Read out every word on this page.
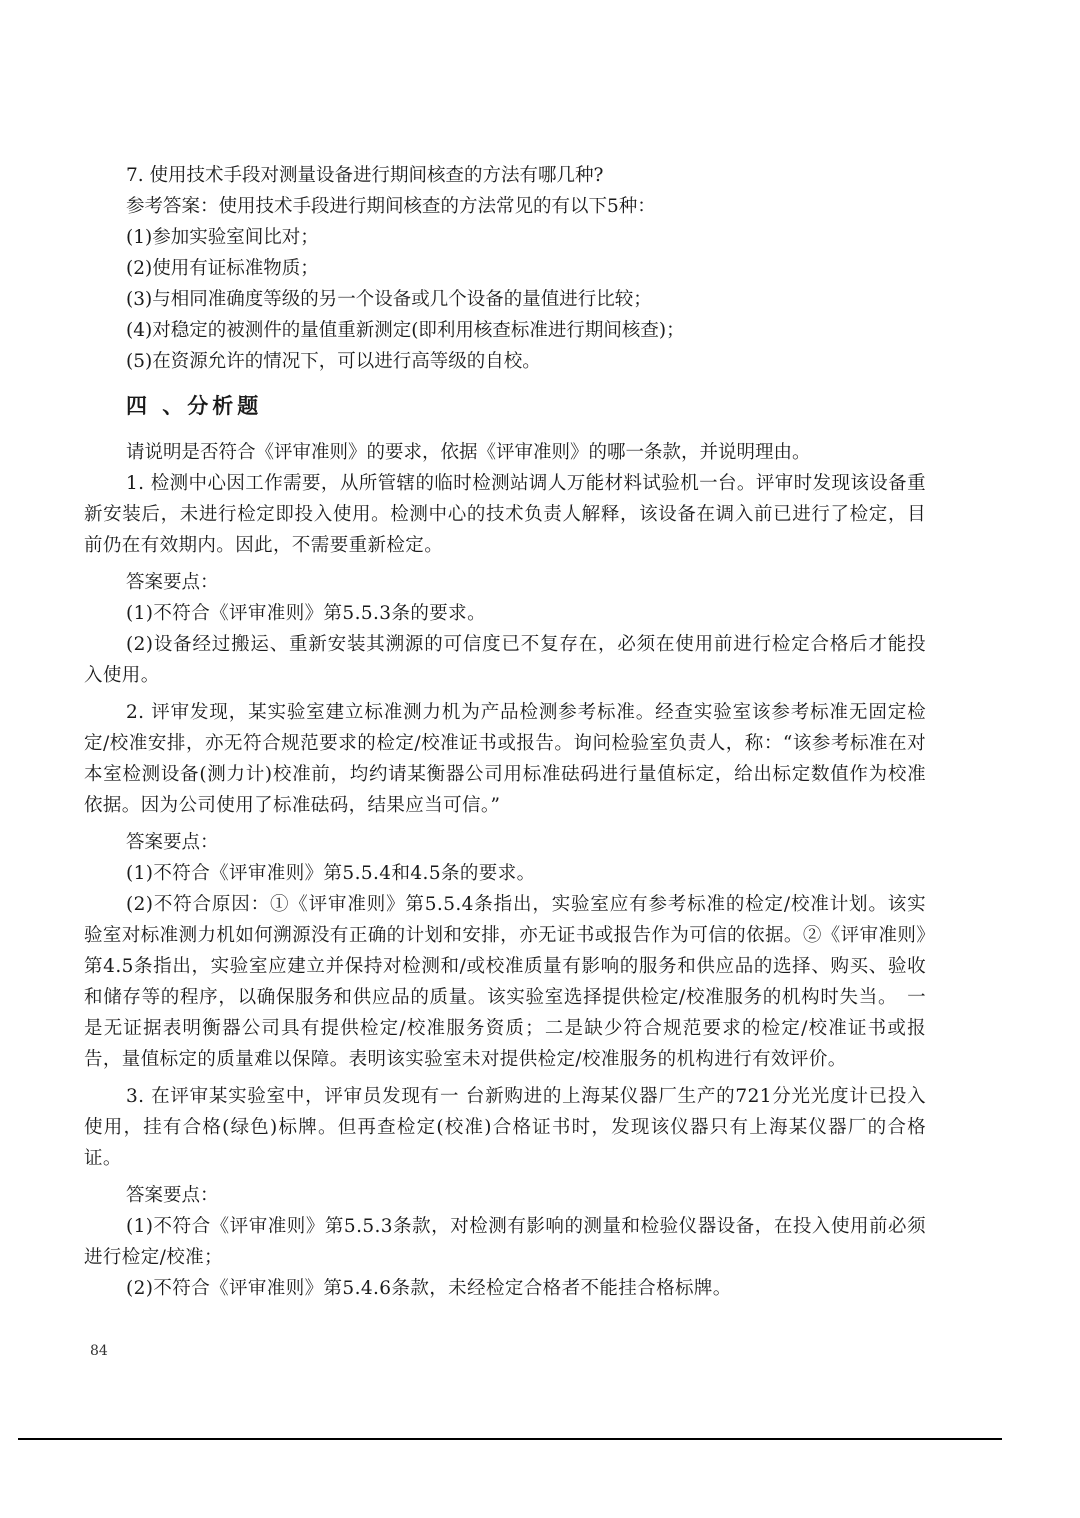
7. 使用技术手段对测量设备进行期间核查的方法有哪几种?

参考答案：使用技术手段进行期间核查的方法常见的有以下5种：

(1)参加实验室间比对；

(2)使用有证标准物质；

(3)与相同准确度等级的另一个设备或几个设备的量值进行比较；

(4)对稳定的被测件的量值重新测定(即利用核查标准进行期间核查)；

(5)在资源允许的情况下，可以进行高等级的自校。

四 、分析题

请说明是否符合《评审准则》的要求，依据《评审准则》的哪一条款，并说明理由。

1. 检测中心因工作需要，从所管辖的临时检测站调人万能材料试验机一台。评审时发现该设备重新安装后，未进行检定即投入使用。检测中心的技术负责人解释，该设备在调入前已进行了检定，目前仍在有效期内。因此，不需要重新检定。

答案要点：

(1)不符合《评审准则》第5.5.3条的要求。

(2)设备经过搬运、重新安装其溯源的可信度已不复存在，必须在使用前进行检定合格后才能投入使用。

2. 评审发现，某实验室建立标准测力机为产品检测参考标准。经查实验室该参考标准无固定检定/校准安排，亦无符合规范要求的检定/校准证书或报告。询问检验室负责人，称：“该参考标准在对本室检测设备(测力计)校准前，均约请某衡器公司用标准砝码进行量值标定，给出标定数值作为校准依据。因为公司使用了标准砝码，结果应当可信。”

答案要点：

(1)不符合《评审准则》第5.5.4和4.5条的要求。

(2)不符合原因：①《评审准则》第5.5.4条指出，实验室应有参考标准的检定/校准计划。该实验室对标准测力机如何溯源没有正确的计划和安排，亦无证书或报告作为可信的依据。②《评审准则》第4.5条指出，实验室应建立并保持对检测和/或校准质量有影响的服务和供应品的选择、购买、验收和储存等的程序，以确保服务和供应品的质量。该实验室选择提供检定/校准服务的机构时失当。　一是无证据表明衡器公司具有提供检定/校准服务资质；二是缺少符合规范要求的检定/校准证书或报告，量值标定的质量难以保障。表明该实验室未对提供检定/校准服务的机构进行有效评价。

3. 在评审某实验室中，评审员发现有一 台新购进的上海某仪器厂生产的721分光光度计已投入使用，挂有合格(绿色)标牌。但再查检定(校准)合格证书时，发现该仪器只有上海某仪器厂的合格证。

答案要点：

(1)不符合《评审准则》第5.5.3条款，对检测有影响的测量和检验仪器设备，在投入使用前必须进行检定/校准；

(2)不符合《评审准则》第5.4.6条款，未经检定合格者不能挂合格标牌。

84
